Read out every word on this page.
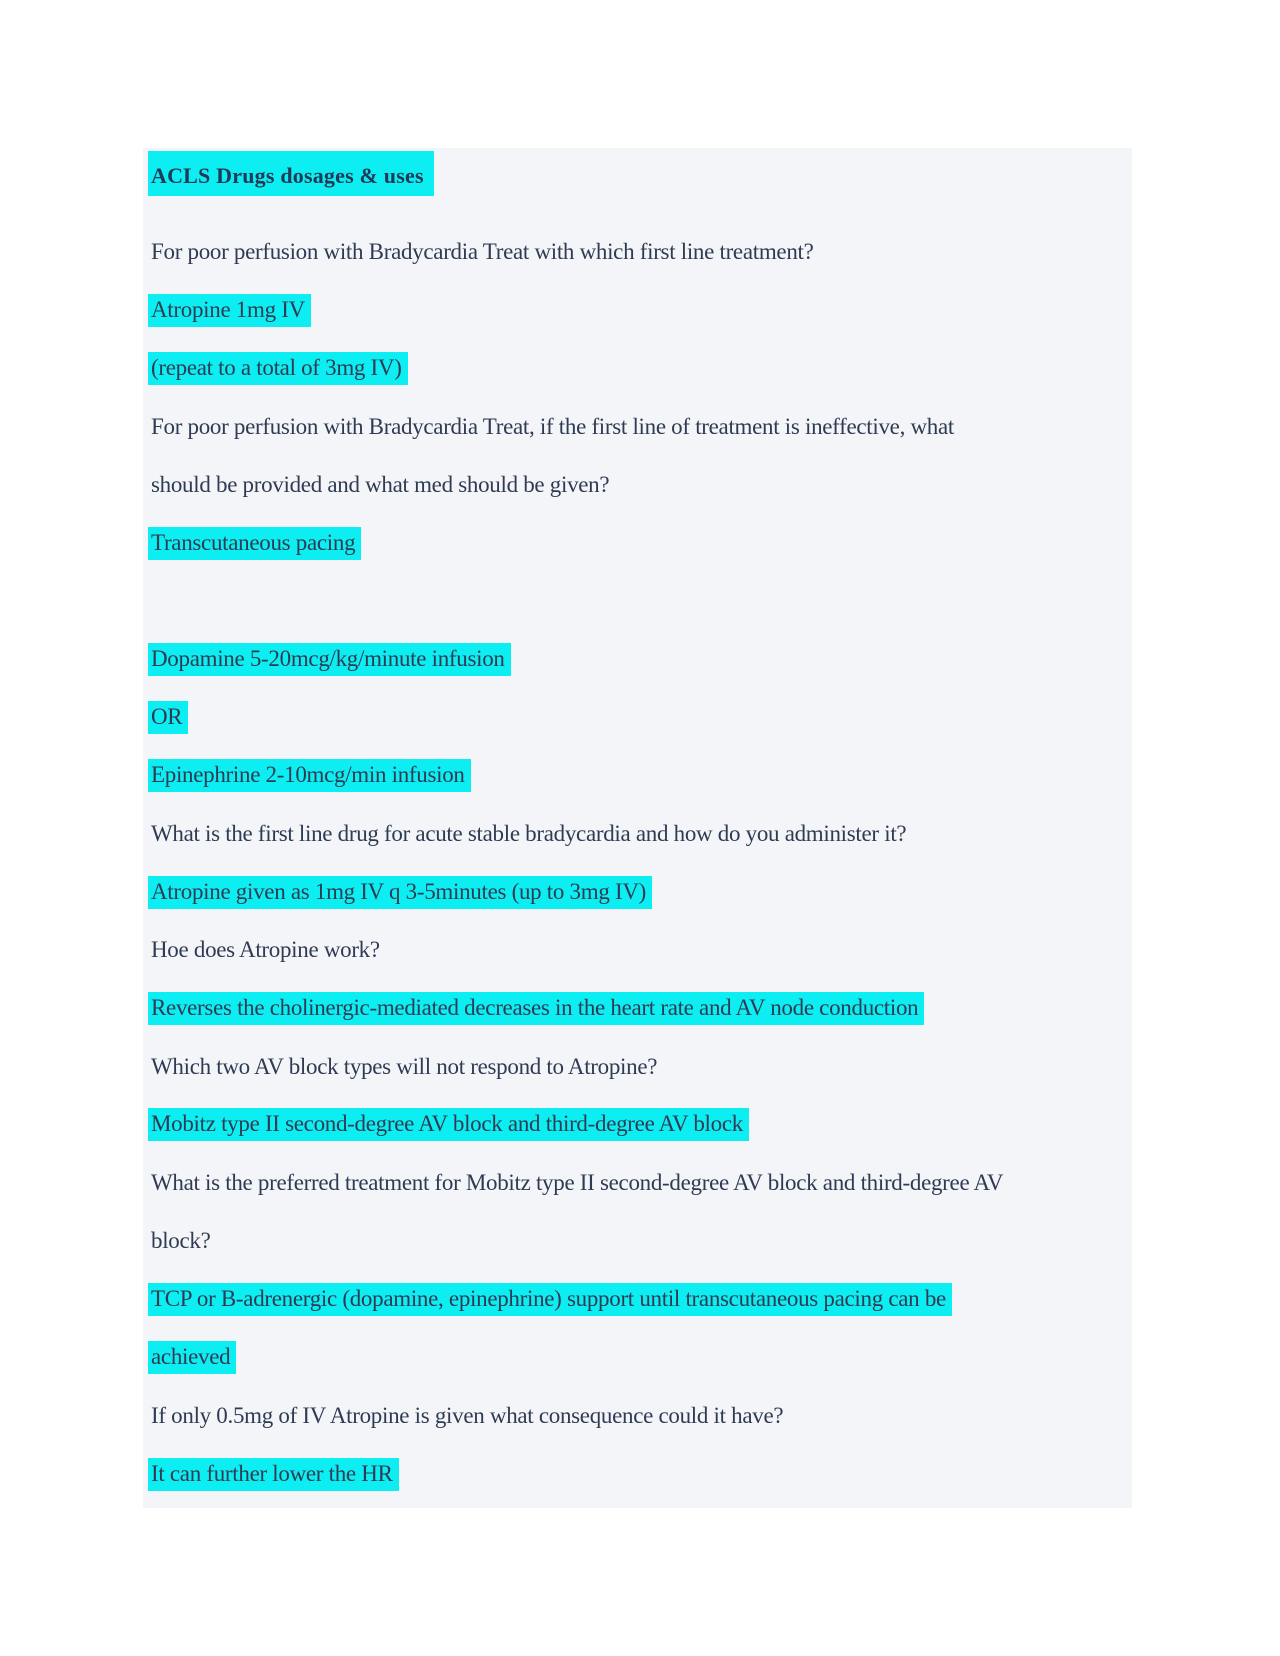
ACLS Drugs dosages & uses
For poor perfusion with Bradycardia Treat with which first line treatment?
Atropine 1mg IV
(repeat to a total of 3mg IV)
For poor perfusion with Bradycardia Treat, if the first line of treatment is ineffective, what
should be provided and what med should be given?
Transcutaneous pacing
Dopamine 5-20mcg/kg/minute infusion
OR
Epinephrine 2-10mcg/min infusion
What is the first line drug for acute stable bradycardia and how do you administer it?
Atropine given as 1mg IV q 3-5minutes (up to 3mg IV)
Hoe does Atropine work?
Reverses the cholinergic-mediated decreases in the heart rate and AV node conduction
Which two AV block types will not respond to Atropine?
Mobitz type II second-degree AV block and third-degree AV block
What is the preferred treatment for Mobitz type II second-degree AV block and third-degree AV
block?
TCP or B-adrenergic (dopamine, epinephrine) support until transcutaneous pacing can be
achieved
If only 0.5mg of IV Atropine is given what consequence could it have?
It can further lower the HR
